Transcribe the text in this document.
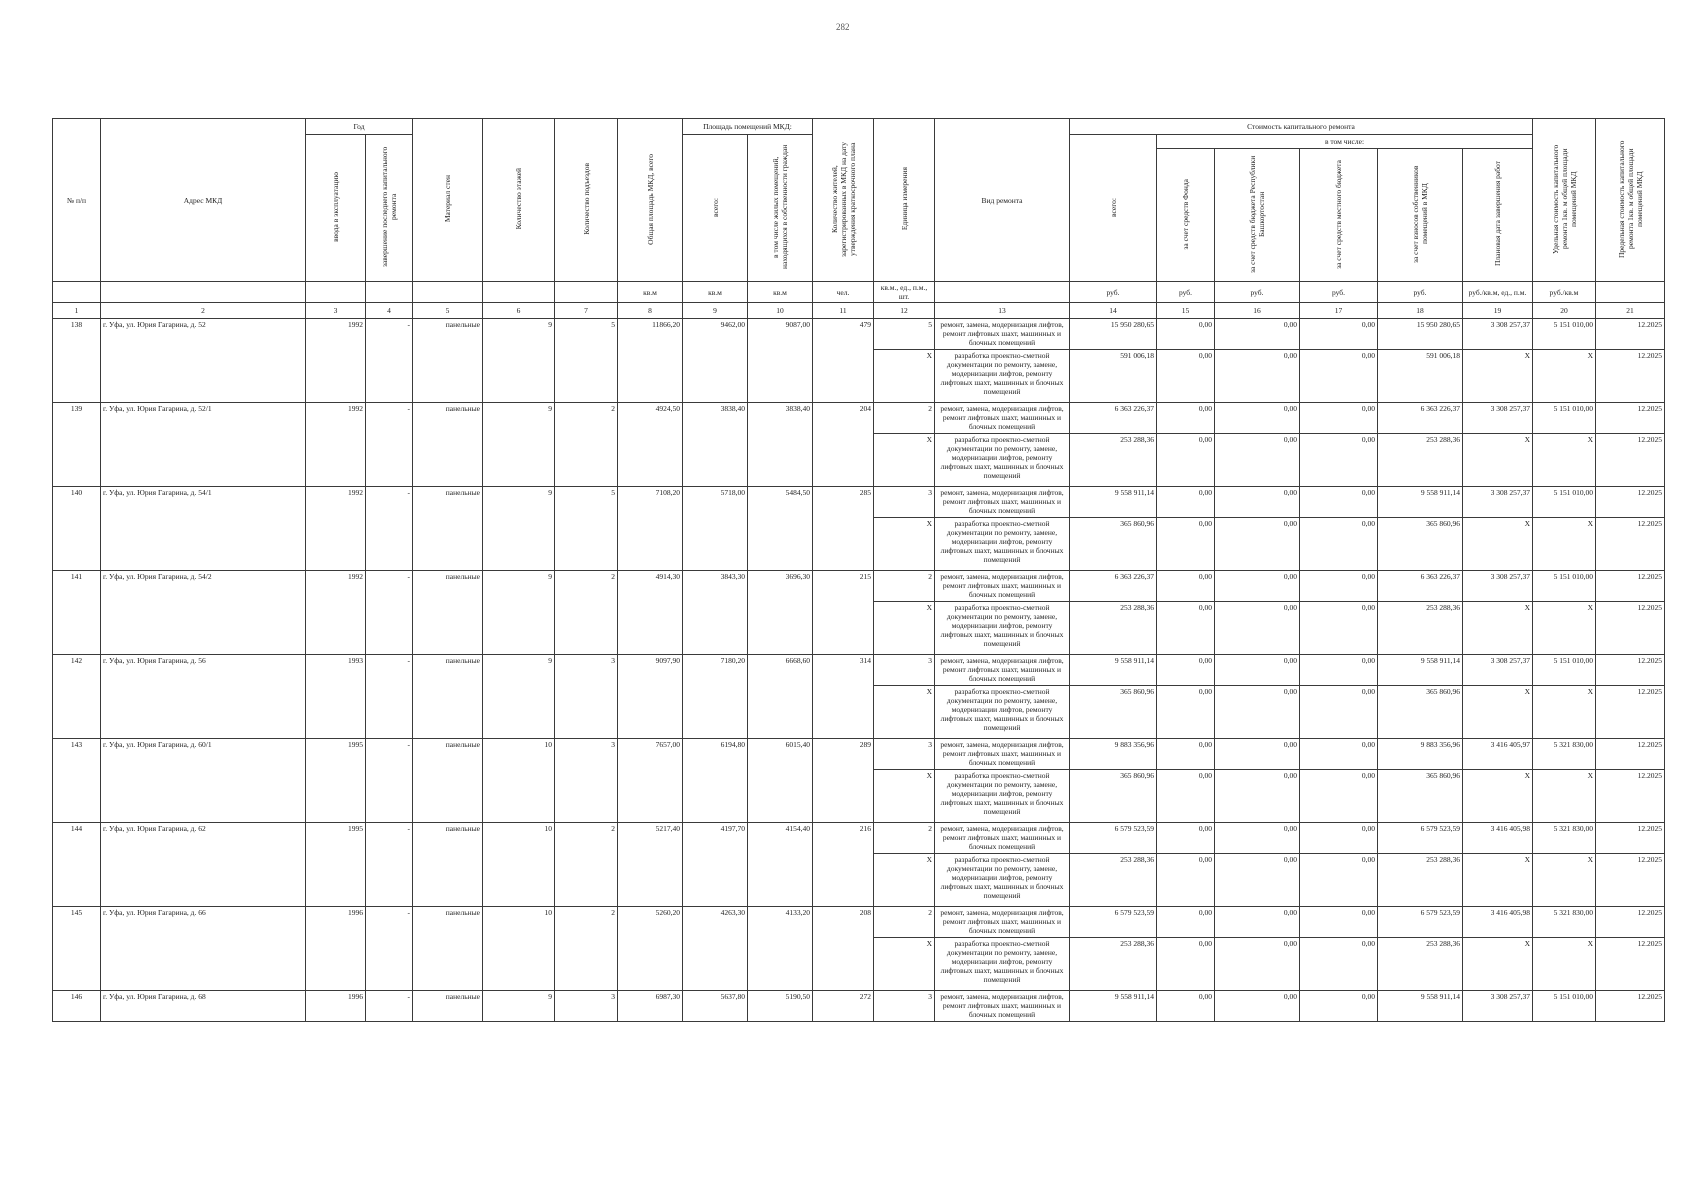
282
№ п/п	Адрес МКД	Год		Материал стен	Количество этажей	Количество подъездов	Общая площадь МКД, всего	Площадь помещений МКД:		Количество жителей, зарегистрированных в МКД на дату утверждения краткосрочного плана	Единица измерения	Вид ремонта	Стоимость капитального ремонта						Удельная стоимость капитального ремонта 1кв. м общей площади помещений МКД	Предельная стоимость капитального ремонта 1кв. м общей площади помещений МКД
		ввода в эксплуатацию	завершение последнего капитального ремонта					всего:	в том числе жилых помещений, находящихся в собственности граждан				всего:	в том числе:						
														за счет средств Фонда	за счет средств бюджета Республики Башкортостан	за счет средств местного бюджета	за счет взносов собственников помещений в МКД	Плановая дата завершения работ		
							кв.м	кв.м	кв.м	чел.	кв.м., ед., п.м., шт.		руб.	руб.	руб.	руб.	руб.	руб./кв.м, ед., п.м.	руб./кв.м	
1	2	3	4	5	6	7	8	9	10	11	12	13	14	15	16	17	18	19	20	21
138	г. Уфа, ул. Юрия Гагарина, д. 52	1992	-	панельные	9	5	11866,20	9462,00	9087,00	479	5	ремонт, замена, модернизация лифтов, ремонт лифтовых шахт, машинных и блочных помещений	15 950 280,65	0,00	0,00	0,00	15 950 280,65	3 308 257,37	5 151 010,00	12.2025
											X	разработка проектно-сметной документации по ремонту, замене, модернизации лифтов, ремонту лифтовых шахт, машинных и блочных помещений	591 006,18	0,00	0,00	0,00	591 006,18	X	X	12.2025
139	г. Уфа, ул. Юрия Гагарина, д. 52/1	1992	-	панельные	9	2	4924,50	3838,40	3838,40	204	2	ремонт, замена, модернизация лифтов, ремонт лифтовых шахт, машинных и блочных помещений	6 363 226,37	0,00	0,00	0,00	6 363 226,37	3 308 257,37	5 151 010,00	12.2025
											X	разработка проектно-сметной документации по ремонту, замене, модернизации лифтов, ремонту лифтовых шахт, машинных и блочных помещений	253 288,36	0,00	0,00	0,00	253 288,36	X	X	12.2025
140	г. Уфа, ул. Юрия Гагарина, д. 54/1	1992	-	панельные	9	5	7108,20	5718,00	5484,50	285	3	ремонт, замена, модернизация лифтов, ремонт лифтовых шахт, машинных и блочных помещений	9 558 911,14	0,00	0,00	0,00	9 558 911,14	3 308 257,37	5 151 010,00	12.2025
											X	разработка проектно-сметной документации по ремонту, замене, модернизации лифтов, ремонту лифтовых шахт, машинных и блочных помещений	365 860,96	0,00	0,00	0,00	365 860,96	X	X	12.2025
141	г. Уфа, ул. Юрия Гагарина, д. 54/2	1992	-	панельные	9	2	4914,30	3843,30	3696,30	215	2	ремонт, замена, модернизация лифтов, ремонт лифтовых шахт, машинных и блочных помещений	6 363 226,37	0,00	0,00	0,00	6 363 226,37	3 308 257,37	5 151 010,00	12.2025
											X	разработка проектно-сметной документации по ремонту, замене, модернизации лифтов, ремонту лифтовых шахт, машинных и блочных помещений	253 288,36	0,00	0,00	0,00	253 288,36	X	X	12.2025
142	г. Уфа, ул. Юрия Гагарина, д. 56	1993	-	панельные	9	3	9097,90	7180,20	6668,60	314	3	ремонт, замена, модернизация лифтов, ремонт лифтовых шахт, машинных и блочных помещений	9 558 911,14	0,00	0,00	0,00	9 558 911,14	3 308 257,37	5 151 010,00	12.2025
											X	разработка проектно-сметной документации по ремонту, замене, модернизации лифтов, ремонту лифтовых шахт, машинных и блочных помещений	365 860,96	0,00	0,00	0,00	365 860,96	X	X	12.2025
143	г. Уфа, ул. Юрия Гагарина, д. 60/1	1995	-	панельные	10	3	7657,00	6194,80	6015,40	289	3	ремонт, замена, модернизация лифтов, ремонт лифтовых шахт, машинных и блочных помещений	9 883 356,96	0,00	0,00	0,00	9 883 356,96	3 416 405,97	5 321 830,00	12.2025
											X	разработка проектно-сметной документации по ремонту, замене, модернизации лифтов, ремонту лифтовых шахт, машинных и блочных помещений	365 860,96	0,00	0,00	0,00	365 860,96	X	X	12.2025
144	г. Уфа, ул. Юрия Гагарина, д. 62	1995	-	панельные	10	2	5217,40	4197,70	4154,40	216	2	ремонт, замена, модернизация лифтов, ремонт лифтовых шахт, машинных и блочных помещений	6 579 523,59	0,00	0,00	0,00	6 579 523,59	3 416 405,98	5 321 830,00	12.2025
											X	разработка проектно-сметной документации по ремонту, замене, модернизации лифтов, ремонту лифтовых шахт, машинных и блочных помещений	253 288,36	0,00	0,00	0,00	253 288,36	X	X	12.2025
145	г. Уфа, ул. Юрия Гагарина, д. 66	1996	-	панельные	10	2	5260,20	4263,30	4133,20	208	2	ремонт, замена, модернизация лифтов, ремонт лифтовых шахт, машинных и блочных помещений	6 579 523,59	0,00	0,00	0,00	6 579 523,59	3 416 405,98	5 321 830,00	12.2025
											X	разработка проектно-сметной документации по ремонту, замене, модернизации лифтов, ремонту лифтовых шахт, машинных и блочных помещений	253 288,36	0,00	0,00	0,00	253 288,36	X	X	12.2025
146	г. Уфа, ул. Юрия Гагарина, д. 68	1996	-	панельные	9	3	6987,30	5637,80	5190,50	272	3	ремонт, замена, модернизация лифтов, ремонт лифтовых шахт, машинных и блочных помещений	9 558 911,14	0,00	0,00	0,00	9 558 911,14	3 308 257,37	5 151 010,00	12.2025
